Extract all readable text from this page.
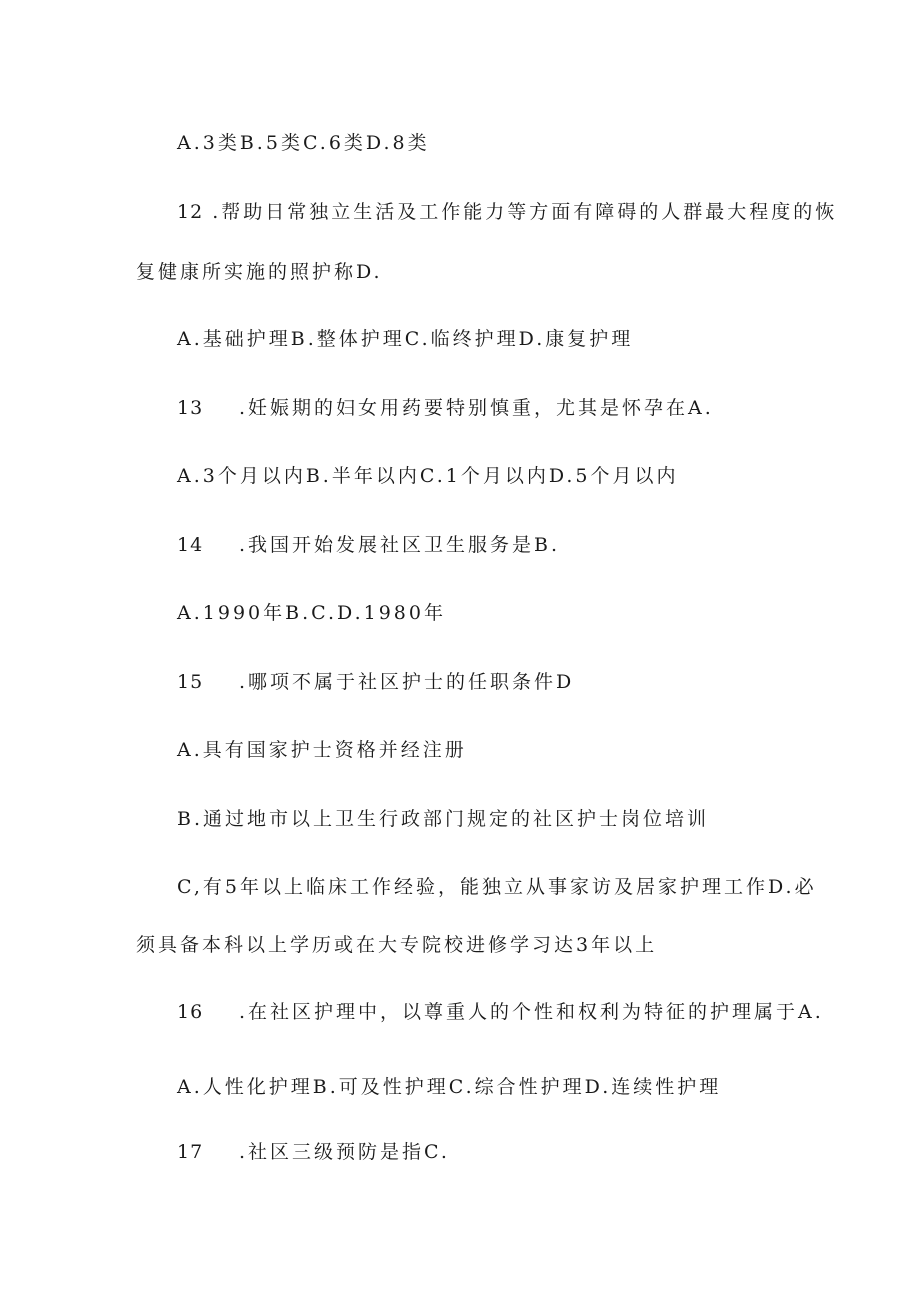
A.3类B.5类C.6类D.8类
12 .帮助日常独立生活及工作能力等方面有障碍的人群最大程度的恢
复健康所实施的照护称D.
A.基础护理B.整体护理C.临终护理D.康复护理
13 .妊娠期的妇女用药要特别慎重，尤其是怀孕在A.
A.3个月以内B.半年以内C.1个月以内D.5个月以内
14 .我国开始发展社区卫生服务是B.
A.1990年B.C.D.1980年
15 .哪项不属于社区护士的任职条件D
A.具有国家护士资格并经注册
B.通过地市以上卫生行政部门规定的社区护士岗位培训
C,有5年以上临床工作经验，能独立从事家访及居家护理工作D.必
须具备本科以上学历或在大专院校进修学习达3年以上
16 .在社区护理中，以尊重人的个性和权利为特征的护理属于A.
A.人性化护理B.可及性护理C.综合性护理D.连续性护理
17 .社区三级预防是指C.
